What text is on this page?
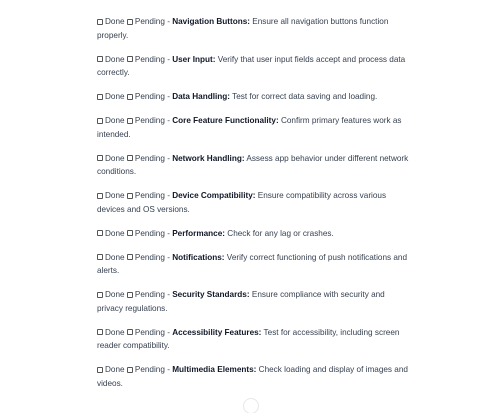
Done Pending - Navigation Buttons: Ensure all navigation buttons function properly.
Done Pending - User Input: Verify that user input fields accept and process data correctly.
Done Pending - Data Handling: Test for correct data saving and loading.
Done Pending - Core Feature Functionality: Confirm primary features work as intended.
Done Pending - Network Handling: Assess app behavior under different network conditions.
Done Pending - Device Compatibility: Ensure compatibility across various devices and OS versions.
Done Pending - Performance: Check for any lag or crashes.
Done Pending - Notifications: Verify correct functioning of push notifications and alerts.
Done Pending - Security Standards: Ensure compliance with security and privacy regulations.
Done Pending - Accessibility Features: Test for accessibility, including screen reader compatibility.
Done Pending - Multimedia Elements: Check loading and display of images and videos.
